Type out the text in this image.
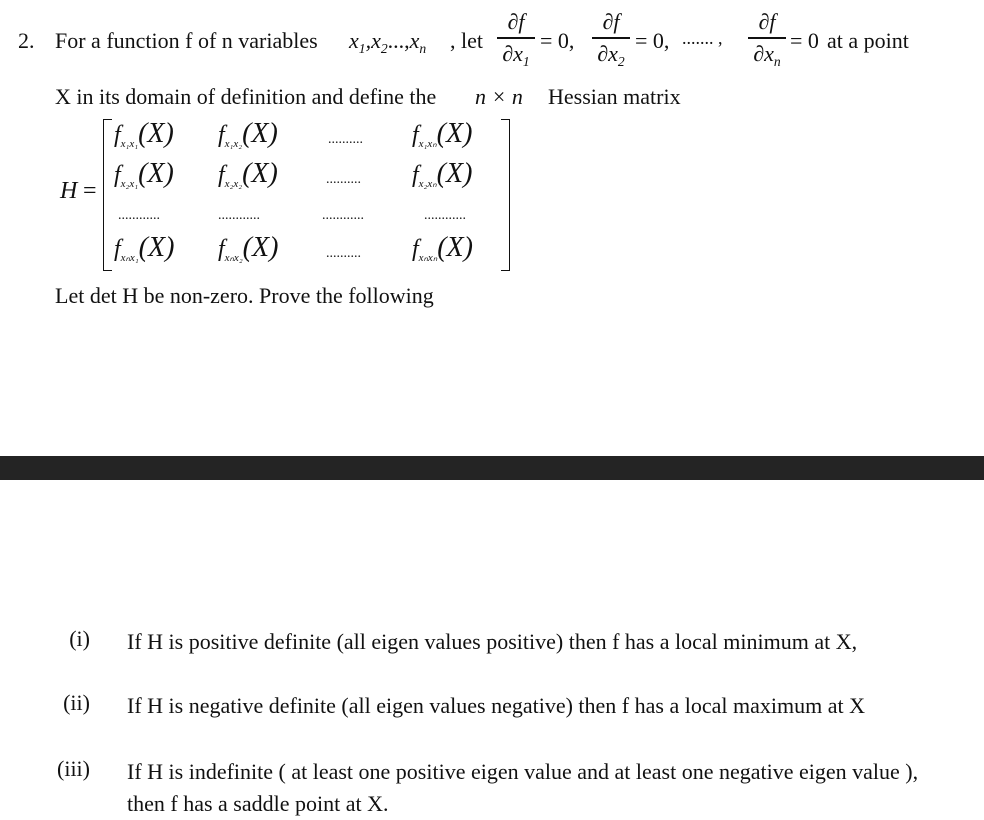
2. For a function f of n variables $x_1,x_2...,x_n$ , let
∂f
$\partial x_1$
= 0,
∂f
$\partial x_2$
= 0, ....... ,
∂f
$\partial x_n$
= 0 at a point
X in its domain of definition and define the n × n Hessian matrix
H =
$f_{x_1x_1}(X)$ $f_{x_1x_2}(X)$	.......... $f_{x_1x_n}(X)$
$f_{x_2x_1}(X)$ $f_{x_2x_2}(X)$	.......... $f_{x_2x_n}(X)$
............	............	............	............
$f_{x_nx_1}(X)$ $f_{x_nx_2}(X)$	.......... $f_{x_nx_n}(X)$
Let det H be non-zero. Prove the following
(i) If H is positive definite (all eigen values positive) then f has a local minimum at X,
(ii) If H is negative definite (all eigen values negative) then f has a local maximum at X
(iii) If H is indefinite ( at least one positive eigen value and at least one negative eigen value ), then f has a saddle point at X.
